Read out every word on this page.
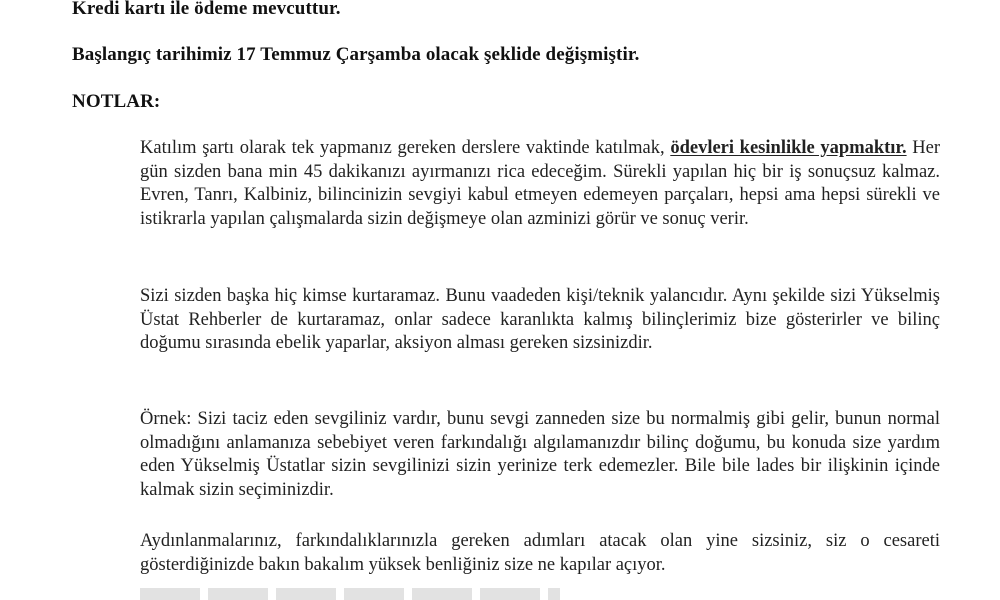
Kredi kartı ile ödeme mevcuttur.
Başlangıç tarihimiz 17 Temmuz Çarşamba olacak şeklide değişmiştir.
NOTLAR:

Katılım şartı olarak tek yapmanız gereken derslere vaktinde katılmak, ödevleri kesinlikle yapmaktır. Her gün sizden bana min 45 dakikanızı ayırmanızı rica edeceğim. Sürekli yapılan hiç bir iş sonuçsuz kalmaz. Evren, Tanrı, Kalbiniz, bilincinizin sevgiyi kabul etmeyen edemeyen parçaları, hepsi ama hepsi sürekli ve istikrarla yapılan çalışmalarda sizin değişmeye olan azminizi görür ve sonuç verir.

Sizi sizden başka hiç kimse kurtaramaz. Bunu vaadeden kişi/teknik yalancıdır. Aynı şekilde sizi Yükselmiş Üstat Rehberler de kurtaramaz, onlar sadece karanlıkta kalmış bilinçlerimiz bize gösterirler ve bilinç doğumu sırasında ebelik yaparlar, aksiyon alması gereken sizsinizdir.

Örnek: Sizi taciz eden sevgiliniz vardır, bunu sevgi zanneden size bu normalmiş gibi gelir, bunun normal olmadığını anlamanıza sebebiyet veren farkındalığı algılamanızdır bilinç doğumu, bu konuda size yardım eden Yükselmiş Üstatlar sizin sevgilinizi sizin yerinize terk edemezler. Bile bile lades bir ilişkinin içinde kalmak sizin seçiminizdir.

Aydınlanmalarınız, farkındalıklarınızla gereken adımları atacak olan yine sizsiniz, siz o cesareti gösterdiğinizde bakın bakalım yüksek benliğiniz size ne kapılar açıyor.
